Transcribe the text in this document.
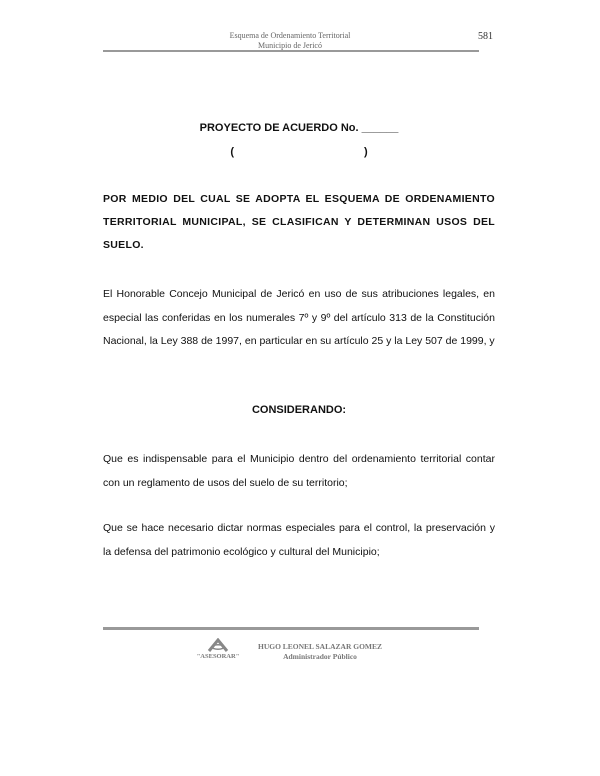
Esquema de Ordenamiento Territorial
Municipio de Jericó
581
PROYECTO DE ACUERDO No. ______
(	)
POR MEDIO DEL CUAL SE ADOPTA EL ESQUEMA DE ORDENAMIENTO TERRITORIAL MUNICIPAL, SE CLASIFICAN Y DETERMINAN USOS DEL SUELO.
El Honorable Concejo Municipal de Jericó en uso de sus atribuciones legales, en especial las conferidas en los numerales 7º y 9º del artículo 313 de la Constitución Nacional, la Ley 388 de 1997, en particular en su artículo 25 y la Ley 507 de 1999, y
CONSIDERANDO:
Que es indispensable para el Municipio dentro del ordenamiento territorial contar con un reglamento de usos del suelo de su territorio;
Que se hace necesario dictar normas especiales para el control, la preservación y la defensa del patrimonio ecológico y cultural del Municipio;
"ASESORAR"
HUGO LEONEL SALAZAR GOMEZ
Administrador Público
